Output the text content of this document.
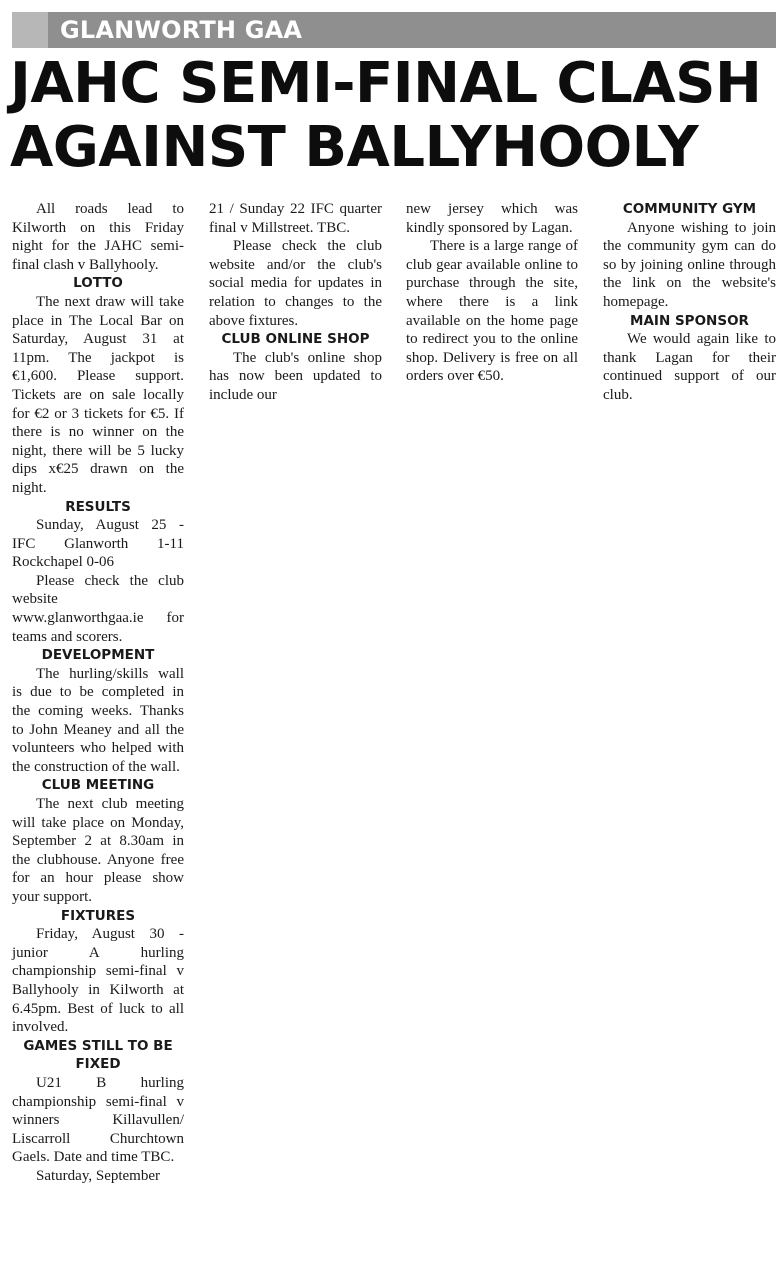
GLANWORTH GAA
JAHC SEMI-FINAL CLASH AGAINST BALLYHOOLY

All roads lead to Kilworth on this Friday night for the JAHC semi-final clash v Ballyhooly.

LOTTO

The next draw will take place in The Local Bar on Saturday, August 31 at 11pm. The jackpot is €1,600. Please support. Tickets are on sale locally for €2 or 3 tickets for €5. If there is no winner on the night, there will be 5 lucky dips x€25 drawn on the night.

RESULTS

Sunday, August 25 - IFC Glanworth 1-11 Rockchapel 0-06

Please check the club website www.glanworthgaa.ie for teams and scorers.

DEVELOPMENT

The hurling/skills wall is due to be completed in the coming weeks. Thanks to John Meaney and all the volunteers who helped with the construction of the wall.

CLUB MEETING

The next club meeting will take place on Monday, September 2 at 8.30am in the clubhouse. Anyone free for an hour please show your support.

FIXTURES

Friday, August 30 - junior A hurling championship semi-final v Ballyhooly in Kilworth at 6.45pm. Best of luck to all involved.

GAMES STILL TO BE FIXED

U21 B hurling championship semi-final v winners Killavullen/ Liscarroll Churchtown Gaels. Date and time TBC.

Saturday, September

21 / Sunday 22 IFC quarter final v Millstreet. TBC.

Please check the club website and/or the club's social media for updates in relation to changes to the above fixtures.

CLUB ONLINE SHOP

The club's online shop has now been updated to include our

new jersey which was kindly sponsored by Lagan.

There is a large range of club gear available online to purchase through the site, where there is a link available on the home page to redirect you to the online shop. Delivery is free on all orders over €50.

COMMUNITY GYM

Anyone wishing to join the community gym can do so by joining online through the link on the website's homepage.

MAIN SPONSOR

We would again like to thank Lagan for their continued support of our club.
